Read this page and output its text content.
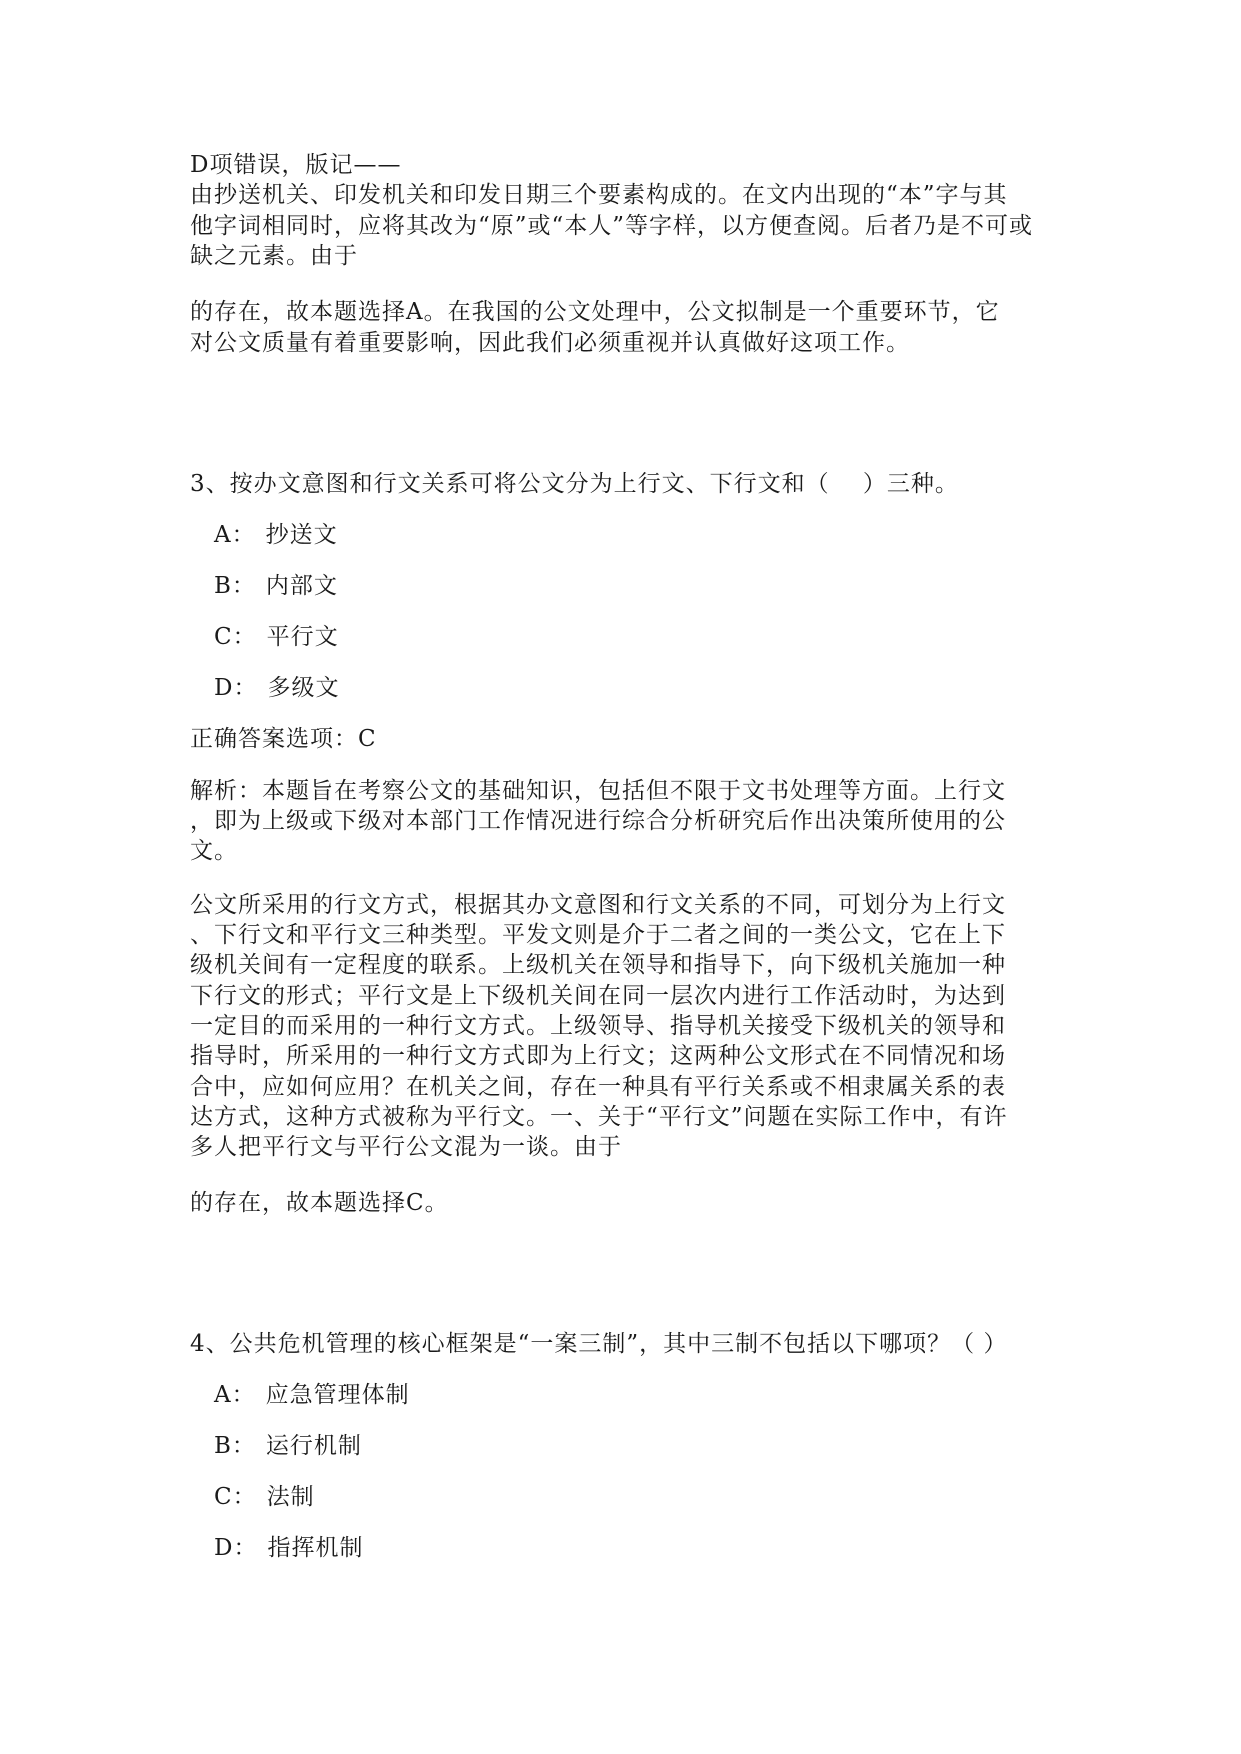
D项错误，版记——

由抄送机关、印发机关和印发日期三个要素构成的。在文内出现的“本”字与其

他字词相同时，应将其改为“原”或“本人”等字样，以方便查阅。后者乃是不可或

缺之元素。由于

的存在，故本题选择A。在我国的公文处理中，公文拟制是一个重要环节，它

对公文质量有着重要影响，因此我们必须重视并认真做好这项工作。

3、按办文意图和行文关系可将公文分为上行文、下行文和（    ）三种。

A： 抄送文

B： 内部文

C： 平行文

D： 多级文

正确答案选项：C

解析：本题旨在考察公文的基础知识，包括但不限于文书处理等方面。上行文

，即为上级或下级对本部门工作情况进行综合分析研究后作出决策所使用的公

文。

公文所采用的行文方式，根据其办文意图和行文关系的不同，可划分为上行文

、下行文和平行文三种类型。平发文则是介于二者之间的一类公文，它在上下

级机关间有一定程度的联系。上级机关在领导和指导下，向下级机关施加一种

下行文的形式；平行文是上下级机关间在同一层次内进行工作活动时，为达到

一定目的而采用的一种行文方式。上级领导、指导机关接受下级机关的领导和

指导时，所采用的一种行文方式即为上行文；这两种公文形式在不同情况和场

合中，应如何应用？在机关之间，存在一种具有平行关系或不相隶属关系的表

达方式，这种方式被称为平行文。一、关于“平行文”问题在实际工作中，有许

多人把平行文与平行公文混为一谈。由于

的存在，故本题选择C。

4、公共危机管理的核心框架是“一案三制”，其中三制不包括以下哪项？（ ）

A： 应急管理体制

B： 运行机制

C： 法制

D： 指挥机制
